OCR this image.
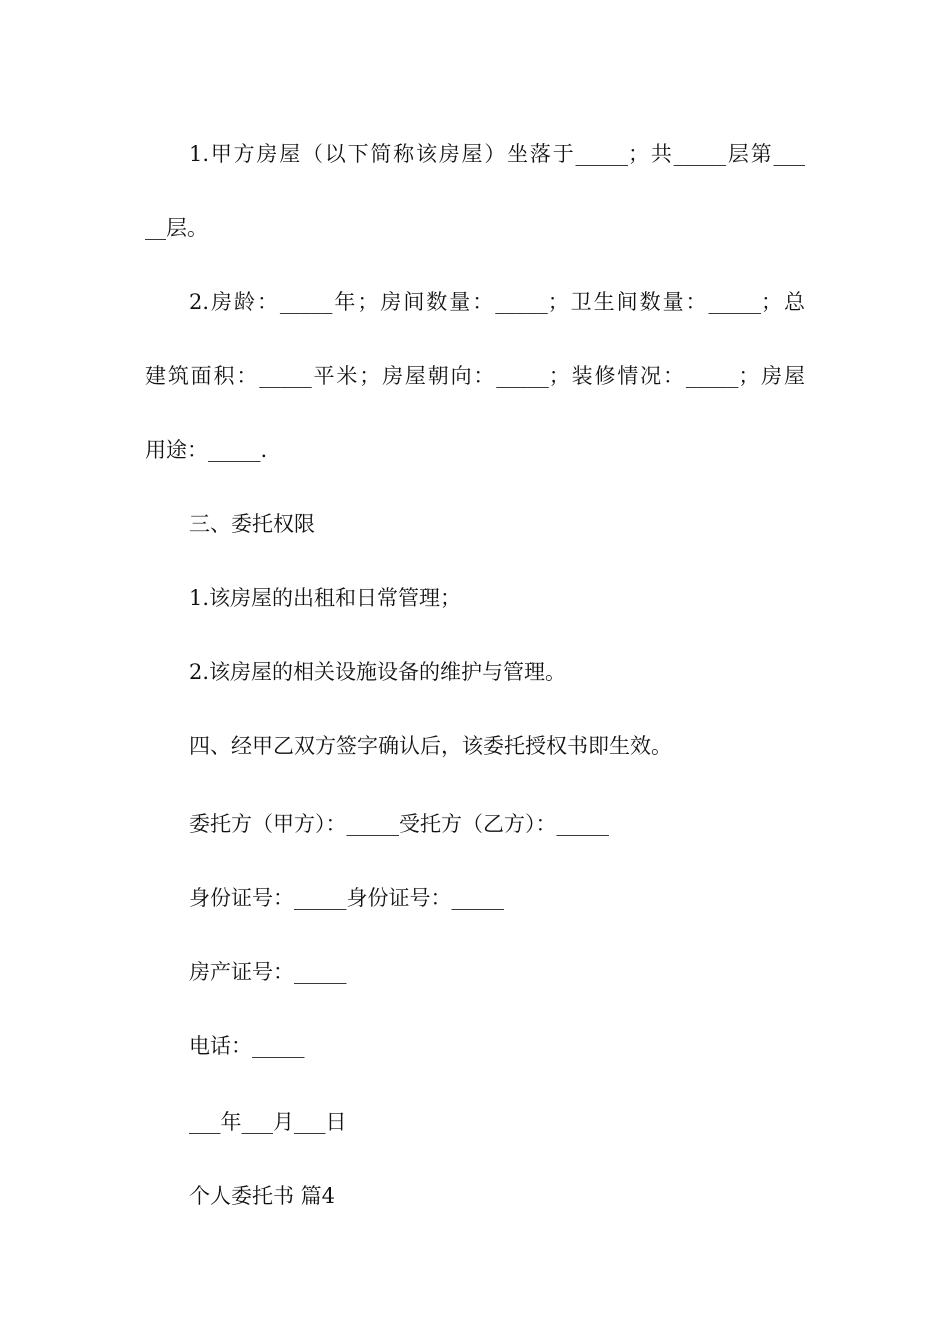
1.甲方房屋（以下简称该房屋）坐落于_____；共_____层第___
__层。
2.房龄：_____年；房间数量：_____；卫生间数量：_____；总
建筑面积：_____平米；房屋朝向：_____；装修情况：_____；房屋
用途：_____.
三、委托权限
1.该房屋的出租和日常管理；
2.该房屋的相关设施设备的维护与管理。
四、经甲乙双方签字确认后，该委托授权书即生效。
委托方（甲方）：_____受托方（乙方）：_____
身份证号：_____身份证号：_____
房产证号：_____
电话：_____
___年___月___日
个人委托书 篇4
